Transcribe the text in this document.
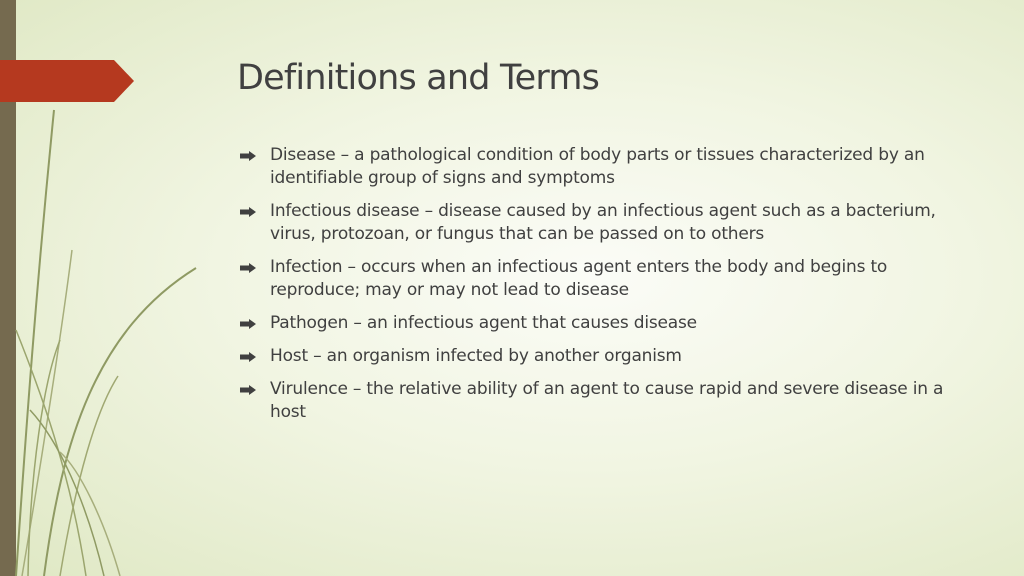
Definitions and Terms
Disease – a pathological condition of body parts or tissues characterized by an identifiable group of signs and symptoms
Infectious disease – disease caused by an infectious agent such as a bacterium, virus, protozoan, or fungus that can be passed on to others
Infection – occurs when an infectious agent enters the body and begins to reproduce; may or may not lead to disease
Pathogen – an infectious agent that causes disease
Host – an organism infected by another organism
Virulence – the relative ability of an agent to cause rapid and severe disease in a host
